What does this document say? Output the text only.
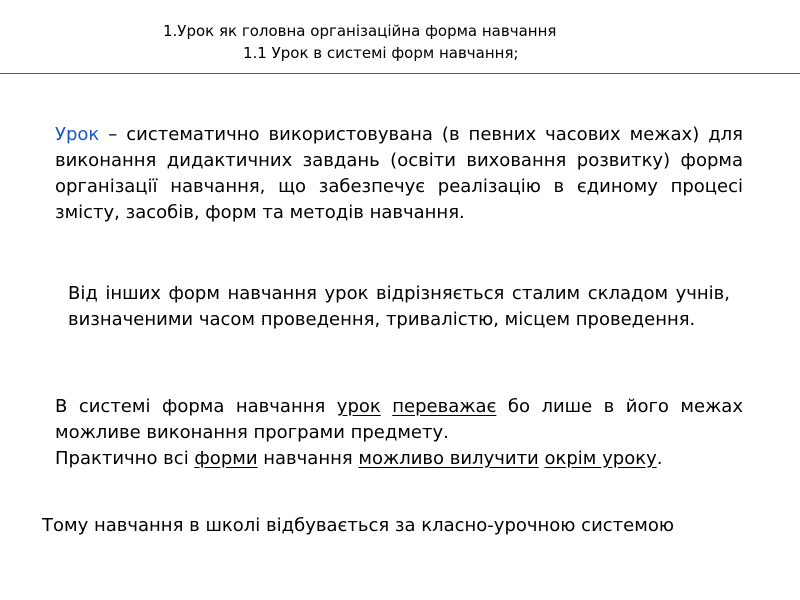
1.Урок як головна організаційна форма навчання
1.1 Урок в системі форм навчання;

Урок – систематично використовувана (в певних часових межах) для виконання дидактичних завдань (освіти виховання розвитку) форма організації навчання, що забезпечує реалізацію в єдиному процесі змісту, засобів, форм та методів навчання.

Від інших форм навчання урок відрізняється сталим складом учнів, визначеними часом проведення, тривалістю, місцем проведення.

В системі форма навчання урок переважає бо лише в його межах можливе виконання програми предмету.
Практично всі форми навчання можливо вилучити окрім уроку.

Тому навчання в школі відбувається за класно-урочною системою
